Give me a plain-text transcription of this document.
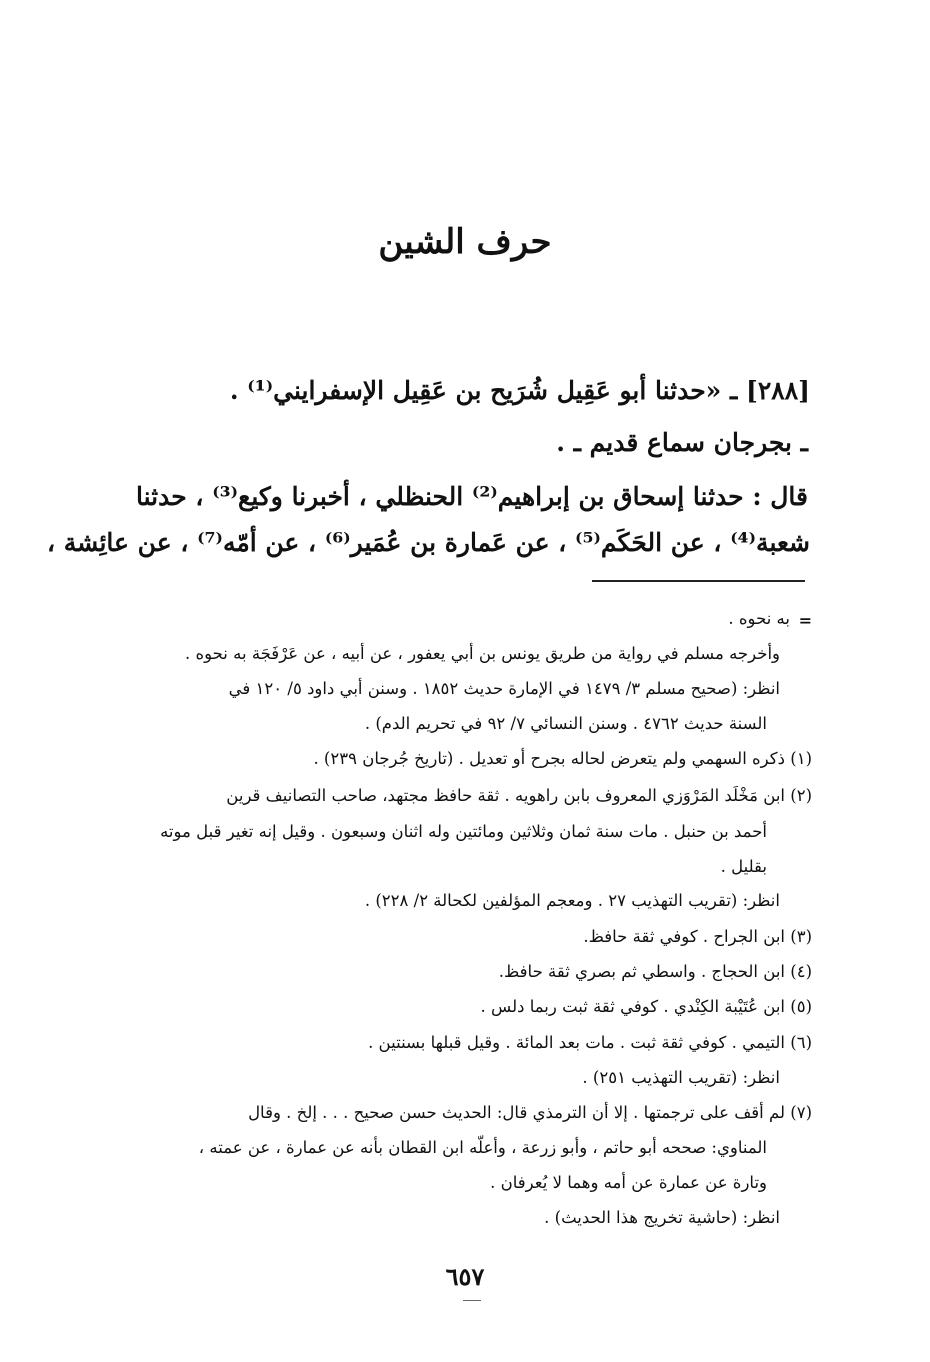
حرف الشين
[٢٨٨] ـ «حدثنا أبو عَقِيل شُرَيح بن عَقِيل الإسفرايني⁽¹⁾ .
ـ بجرجان سماع قديم ـ .
قال : حدثنا إسحاق بن إبراهيم⁽²⁾ الحنظلي ، أخبرنا وكيع⁽³⁾ ، حدثنا
شعبة⁽⁴⁾ ، عن الحَكَم⁽⁵⁾ ، عن عَمارة بن عُمَير⁽⁶⁾ ، عن أمّه⁽⁷⁾ ، عن عائِشة ،
=
به نحوه .
وأخرجه مسلم في رواية من طريق يونس بن أبي يعفور ، عن أبيه ، عن عَرْفَجَة به نحوه .
انظر: (صحيح مسلم ٣/ ١٤٧٩ في الإمارة حديث ١٨٥٢ . وسنن أبي داود ٥/ ١٢٠ في
السنة حديث ٤٧٦٢ . وسنن النسائي ٧/ ٩٢ في تحريم الدم) .
(١) ذكره السهمي ولم يتعرض لحاله بجرح أو تعديل . (تاريخ جُرجان ٢٣٩) .
(٢) ابن مَخْلَد المَرْوَزي المعروف بابن راهويه . ثقة حافظ مجتهد، صاحب التصانيف قرين
أحمد بن حنبل . مات سنة ثمان وثلاثين ومائتين وله اثنان وسبعون . وقيل إنه تغير قبل موته
بقليل .
انظر: (تقريب التهذيب ٢٧ . ومعجم المؤلفين لكحالة ٢/ ٢٢٨) .
(٣) ابن الجراح . كوفي ثقة حافظ.
(٤) ابن الحجاج . واسطي ثم بصري ثقة حافظ.
(٥) ابن عُتَيْبة الكِنْدي . كوفي ثقة ثبت ربما دلس .
(٦) التيمي . كوفي ثقة ثبت . مات بعد المائة . وقيل قبلها بسنتين .
انظر: (تقريب التهذيب ٢٥١) .
(٧) لم أقف على ترجمتها . إلا أن الترمذي قال: الحديث حسن صحيح . . . إلخ . وقال
المناوي: صححه أبو حاتم ، وأبو زرعة ، وأعلّه ابن القطان بأنه عن عمارة ، عن عمته ،
وتارة عن عمارة عن أمه وهما لا يُعرفان .
انظر: (حاشية تخريج هذا الحديث) .
٦٥٧
